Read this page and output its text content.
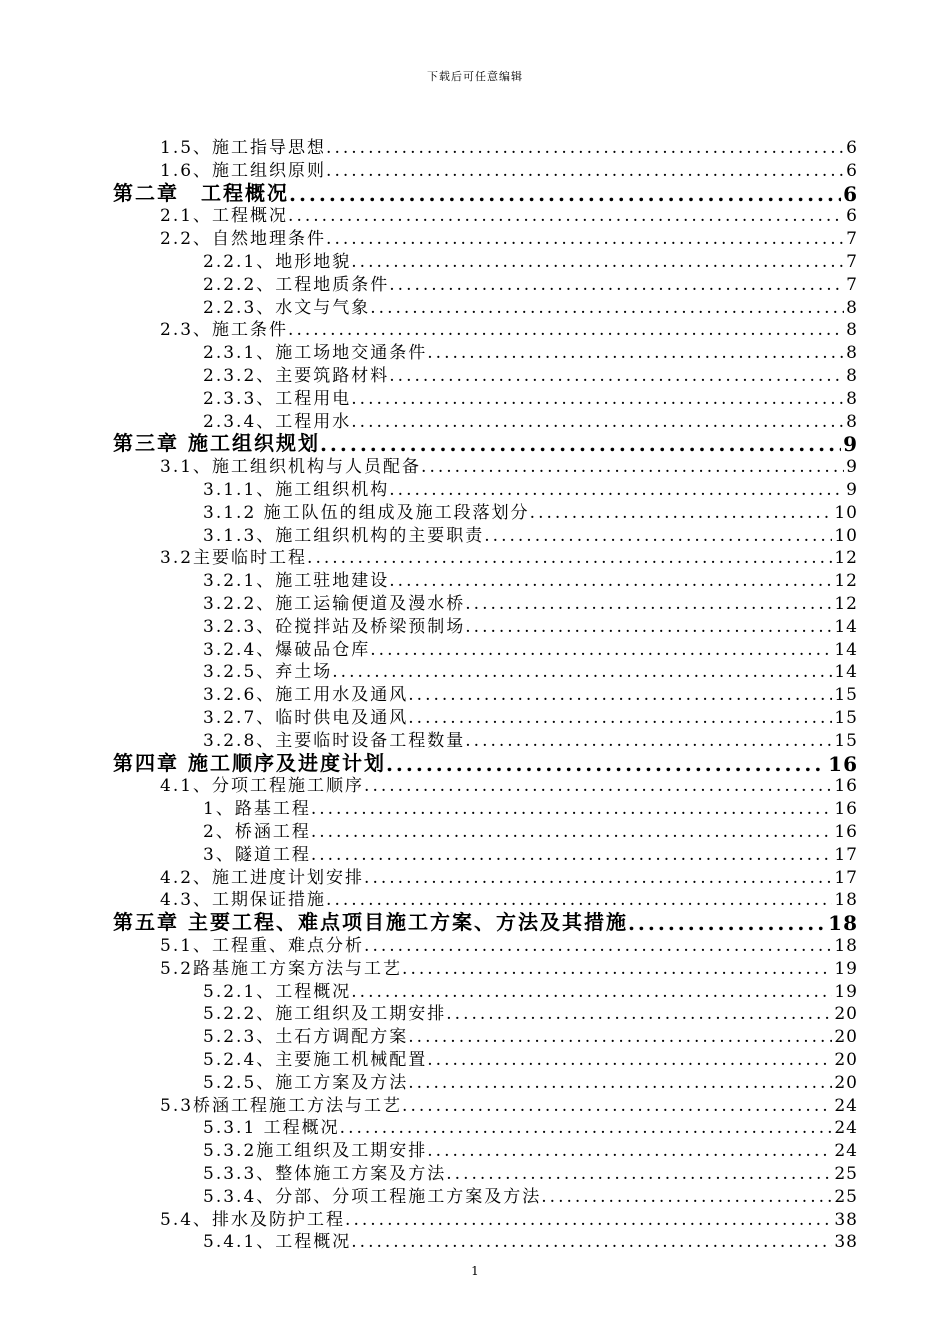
下载后可任意编辑
1.5、施工指导思想 .....	6
1.6、施工组织原则 .....	6
第二章　工程概况 .....	6
2.1、工程概况 .....	6
2.2、自然地理条件 .....	7
2.2.1、地形地貌 .....	7
2.2.2、工程地质条件 .....	7
2.2.3、水文与气象 .....	8
2.3、施工条件 .....	8
2.3.1、施工场地交通条件 .....	8
2.3.2、主要筑路材料 .....	8
2.3.3、工程用电 .....	8
2.3.4、工程用水 .....	8
第三章 施工组织规划 .....	9
3.1、施工组织机构与人员配备 .....	9
3.1.1、施工组织机构 .....	9
3.1.2 施工队伍的组成及施工段落划分 .....	10
3.1.3、施工组织机构的主要职责 .....	10
3.2主要临时工程 .....	12
3.2.1、施工驻地建设 .....	12
3.2.2、施工运输便道及漫水桥 .....	12
3.2.3、砼搅拌站及桥梁预制场 .....	14
3.2.4、爆破品仓库 .....	14
3.2.5、弃土场 .....	14
3.2.6、施工用水及通风 .....	15
3.2.7、临时供电及通风 .....	15
3.2.8、主要临时设备工程数量 .....	15
第四章 施工顺序及进度计划 .....	16
4.1、分项工程施工顺序 .....	16
1、路基工程 .....	16
2、桥涵工程 .....	16
3、隧道工程 .....	17
4.2、施工进度计划安排 .....	17
4.3、工期保证措施 .....	18
第五章 主要工程、难点项目施工方案、方法及其措施 .....	18
5.1、工程重、难点分析 .....	18
5.2路基施工方案方法与工艺 .....	19
5.2.1、工程概况 .....	19
5.2.2、施工组织及工期安排 .....	20
5.2.3、土石方调配方案 .....	20
5.2.4、主要施工机械配置 .....	20
5.2.5、施工方案及方法 .....	20
5.3桥涵工程施工方法与工艺 .....	24
5.3.1 工程概况 .....	24
5.3.2施工组织及工期安排 .....	24
5.3.3、整体施工方案及方法 .....	25
5.3.4、分部、分项工程施工方案及方法 .....	25
5.4、排水及防护工程 .....	38
5.4.1、工程概况 .....	38
1
